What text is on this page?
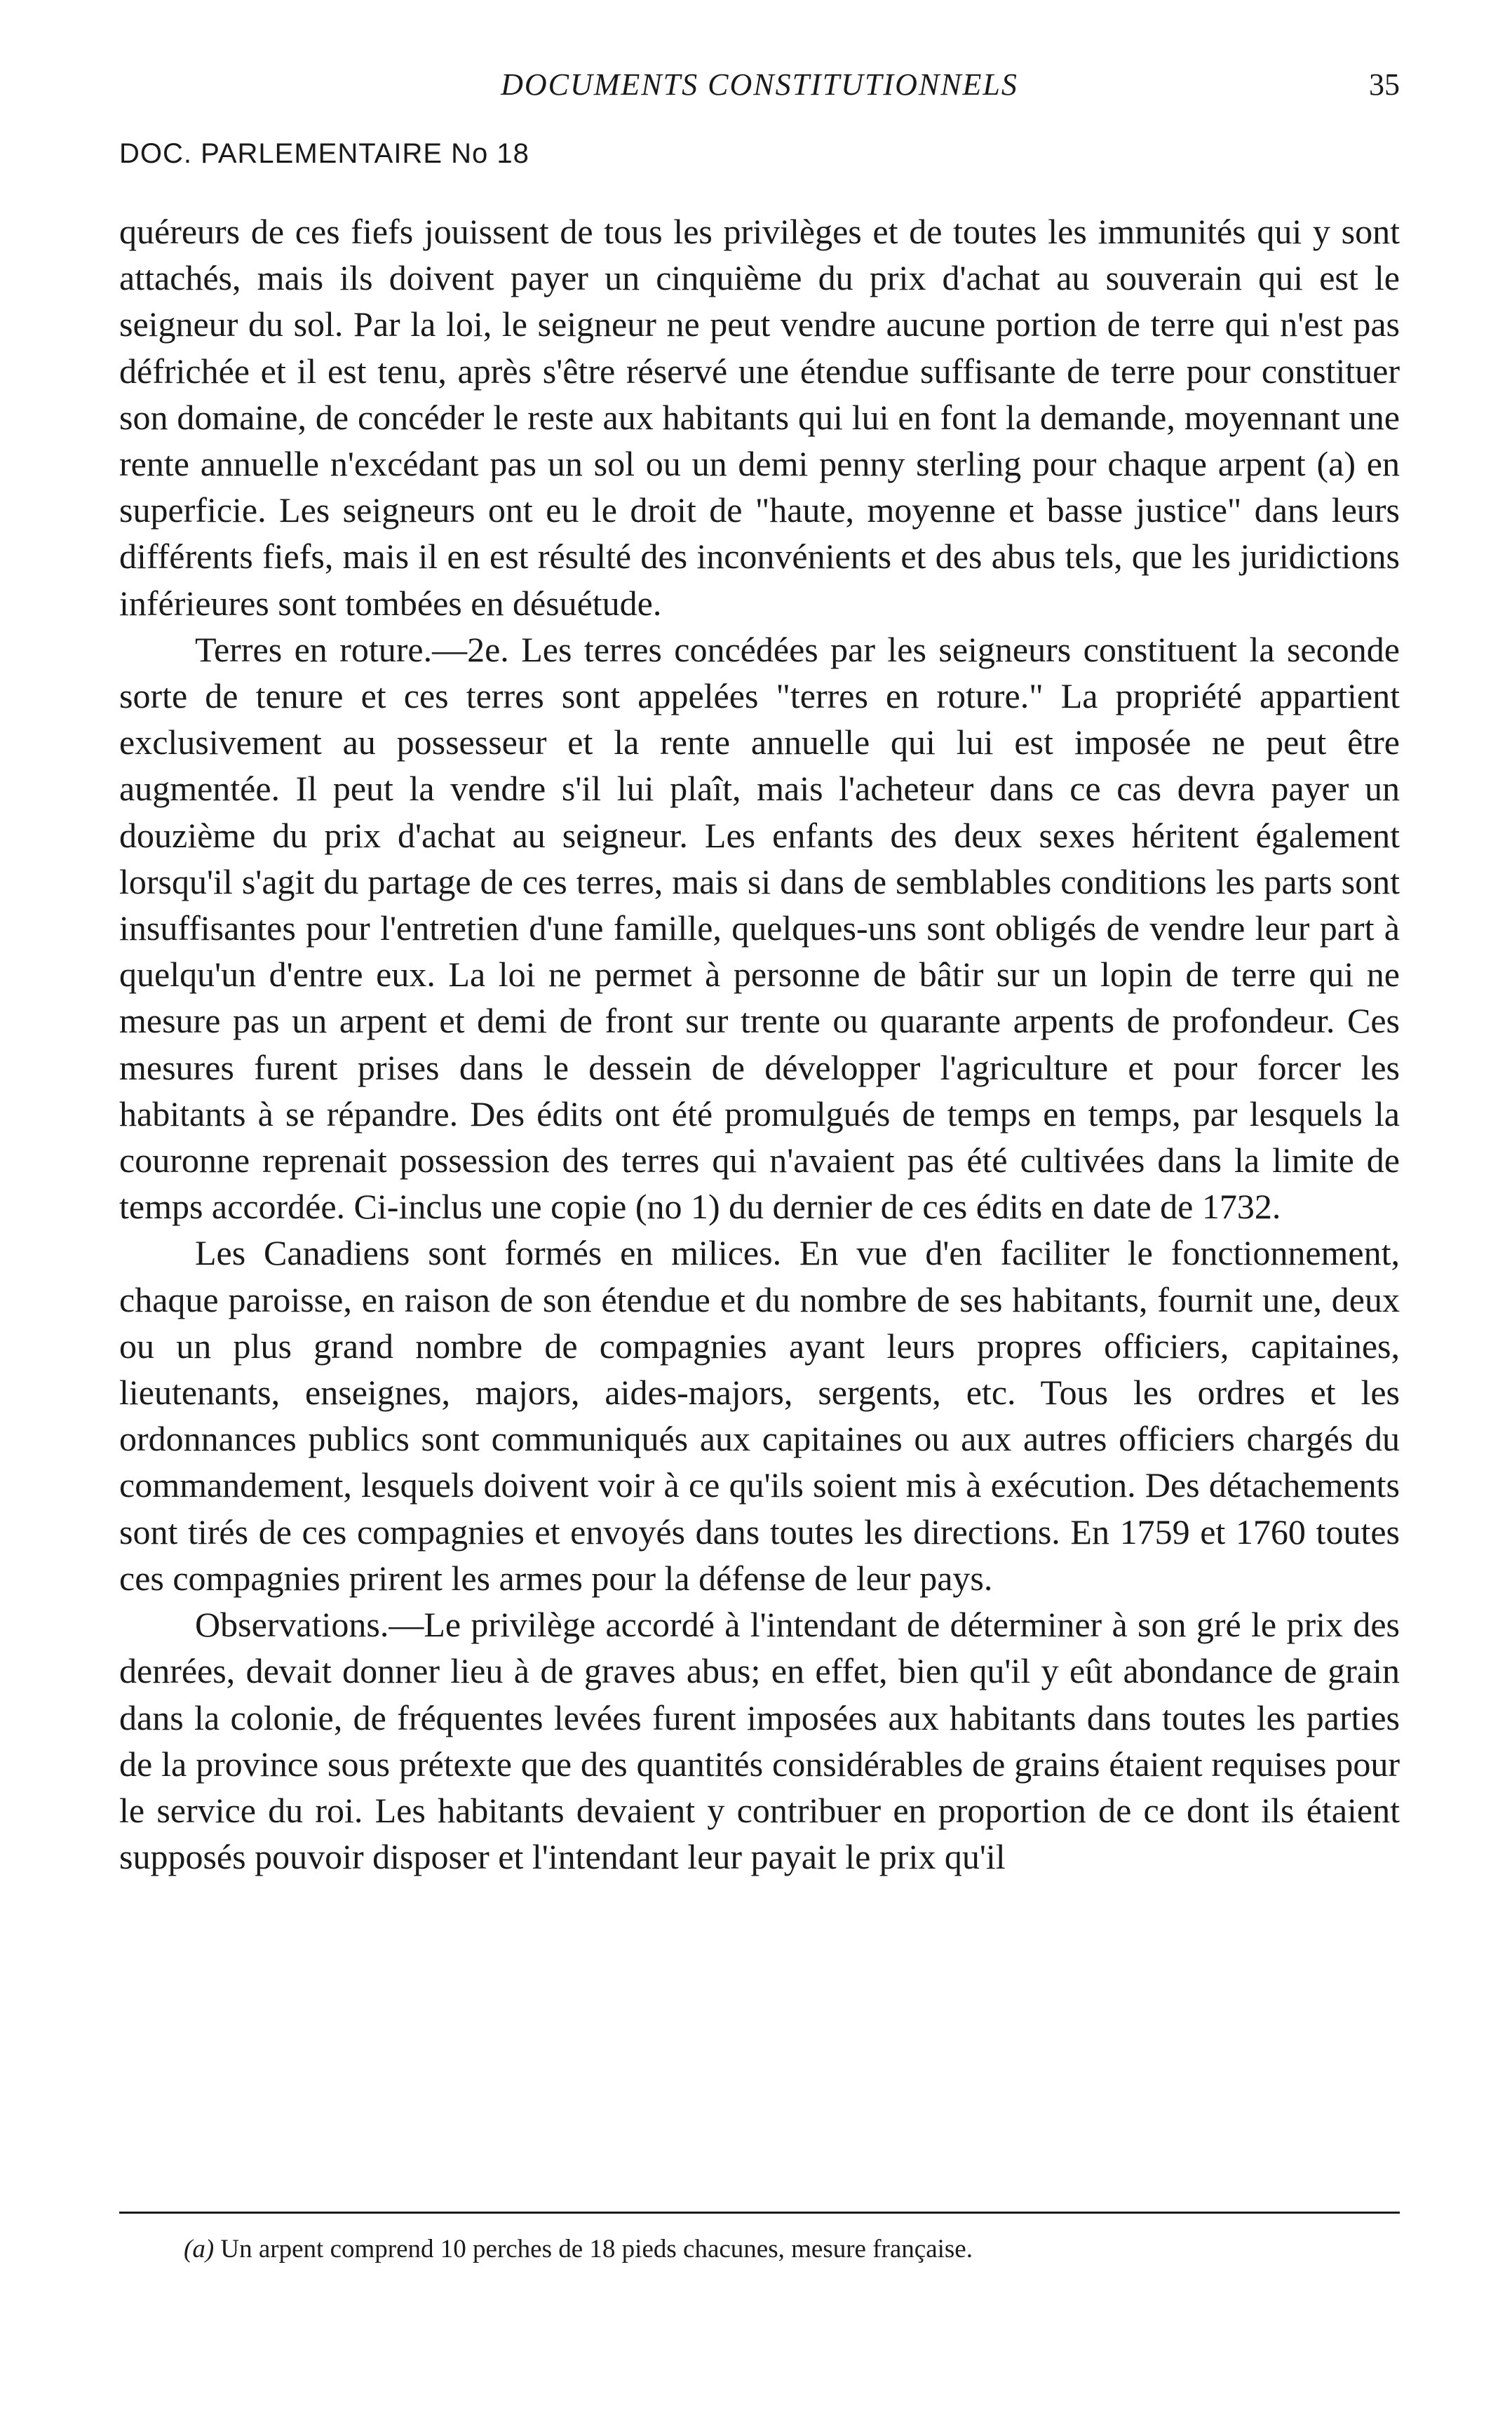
DOCUMENTS CONSTITUTIONNELS	35
DOC. PARLEMENTAIRE No 18

quéreurs de ces fiefs jouissent de tous les privilèges et de toutes les immunités qui y sont attachés, mais ils doivent payer un cinquième du prix d'achat au souverain qui est le seigneur du sol. Par la loi, le seigneur ne peut vendre aucune portion de terre qui n'est pas défrichée et il est tenu, après s'être réservé une étendue suffisante de terre pour constituer son domaine, de concéder le reste aux habitants qui lui en font la demande, moyennant une rente annuelle n'excédant pas un sol ou un demi penny sterling pour chaque arpent (a) en superficie. Les seigneurs ont eu le droit de "haute, moyenne et basse justice" dans leurs différents fiefs, mais il en est résulté des inconvénients et des abus tels, que les juridictions inférieures sont tombées en désuétude.

Terres en roture.—2e. Les terres concédées par les seigneurs constituent la seconde sorte de tenure et ces terres sont appelées "terres en roture." La propriété appartient exclusivement au possesseur et la rente annuelle qui lui est imposée ne peut être augmentée. Il peut la vendre s'il lui plaît, mais l'acheteur dans ce cas devra payer un douzième du prix d'achat au seigneur. Les enfants des deux sexes héritent également lorsqu'il s'agit du partage de ces terres, mais si dans de semblables conditions les parts sont insuffisantes pour l'entretien d'une famille, quelques-uns sont obligés de vendre leur part à quelqu'un d'entre eux. La loi ne permet à personne de bâtir sur un lopin de terre qui ne mesure pas un arpent et demi de front sur trente ou quarante arpents de profondeur. Ces mesures furent prises dans le dessein de développer l'agriculture et pour forcer les habitants à se répandre. Des édits ont été promulgués de temps en temps, par lesquels la couronne reprenait possession des terres qui n'avaient pas été cultivées dans la limite de temps accordée. Ci-inclus une copie (no 1) du dernier de ces édits en date de 1732.

Les Canadiens sont formés en milices. En vue d'en faciliter le fonctionnement, chaque paroisse, en raison de son étendue et du nombre de ses habitants, fournit une, deux ou un plus grand nombre de compagnies ayant leurs propres officiers, capitaines, lieutenants, enseignes, majors, aides-majors, sergents, etc. Tous les ordres et les ordonnances publics sont communiqués aux capitaines ou aux autres officiers chargés du commandement, lesquels doivent voir à ce qu'ils soient mis à exécution. Des détachements sont tirés de ces compagnies et envoyés dans toutes les directions. En 1759 et 1760 toutes ces compagnies prirent les armes pour la défense de leur pays.

Observations.—Le privilège accordé à l'intendant de déterminer à son gré le prix des denrées, devait donner lieu à de graves abus; en effet, bien qu'il y eût abondance de grain dans la colonie, de fréquentes levées furent imposées aux habitants dans toutes les parties de la province sous prétexte que des quantités considérables de grains étaient requises pour le service du roi. Les habitants devaient y contribuer en proportion de ce dont ils étaient supposés pouvoir disposer et l'intendant leur payait le prix qu'il

(a) Un arpent comprend 10 perches de 18 pieds chacunes, mesure française.
